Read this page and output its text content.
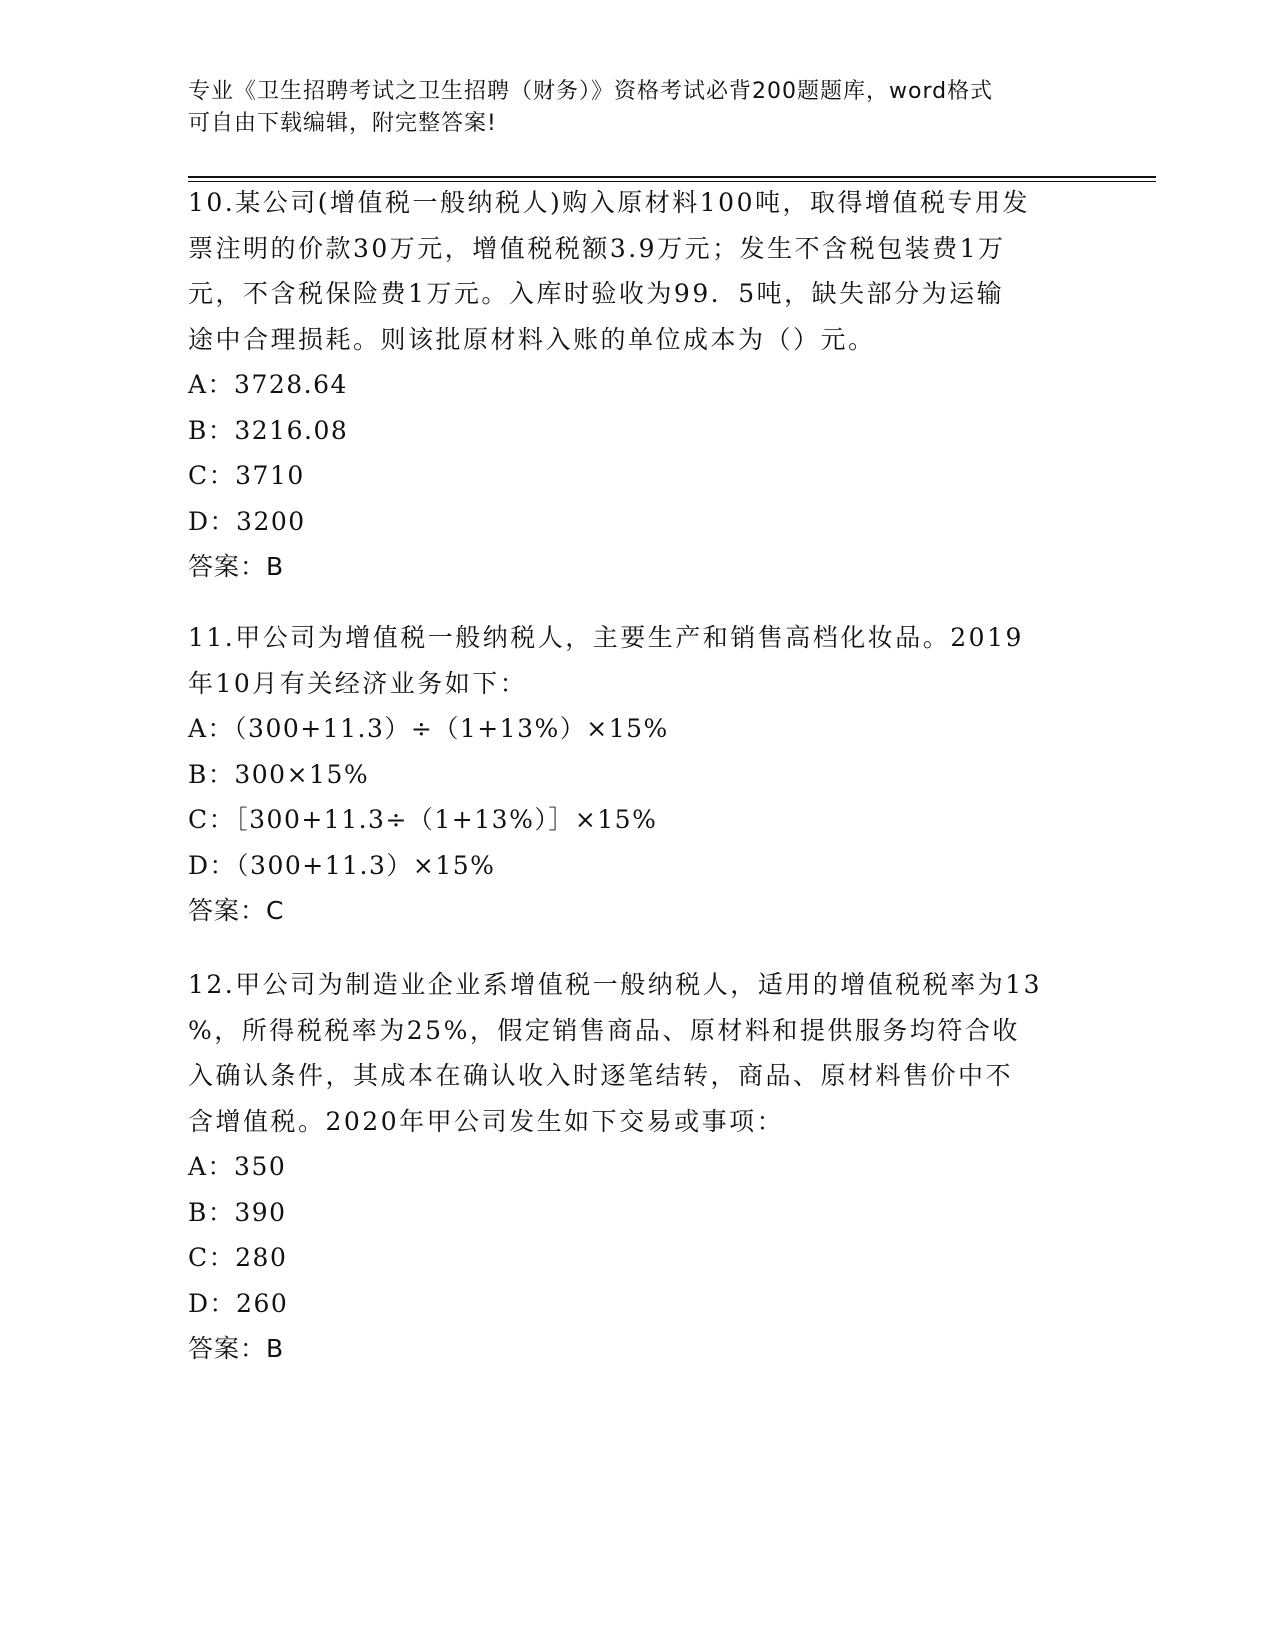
专业《卫生招聘考试之卫生招聘（财务）》资格考试必背200题题库，word格式
可自由下载编辑，附完整答案!

10.某公司(增值税一般纳税人)购入原材料100吨，取得增值税专用发

票注明的价款30万元，增值税税额3.9万元；发生不含税包装费1万

元，不含税保险费1万元。入库时验收为99．5吨，缺失部分为运输

途中合理损耗。则该批原材料入账的单位成本为（）元。

A：3728.64

B：3216.08

C：3710

D：3200

答案：B

11.甲公司为增值税一般纳税人，主要生产和销售高档化妆品。2019

年10月有关经济业务如下：

A：（300+11.3）÷（1+13%）×15%

B：300×15%

C：［300+11.3÷（1+13%）］×15%

D：（300+11.3）×15%

答案：C

12.甲公司为制造业企业系增值税一般纳税人，适用的增值税税率为13

%，所得税税率为25%，假定销售商品、原材料和提供服务均符合收

入确认条件，其成本在确认收入时逐笔结转，商品、原材料售价中不

含增值税。2020年甲公司发生如下交易或事项：

A：350

B：390

C：280

D：260

答案：B
